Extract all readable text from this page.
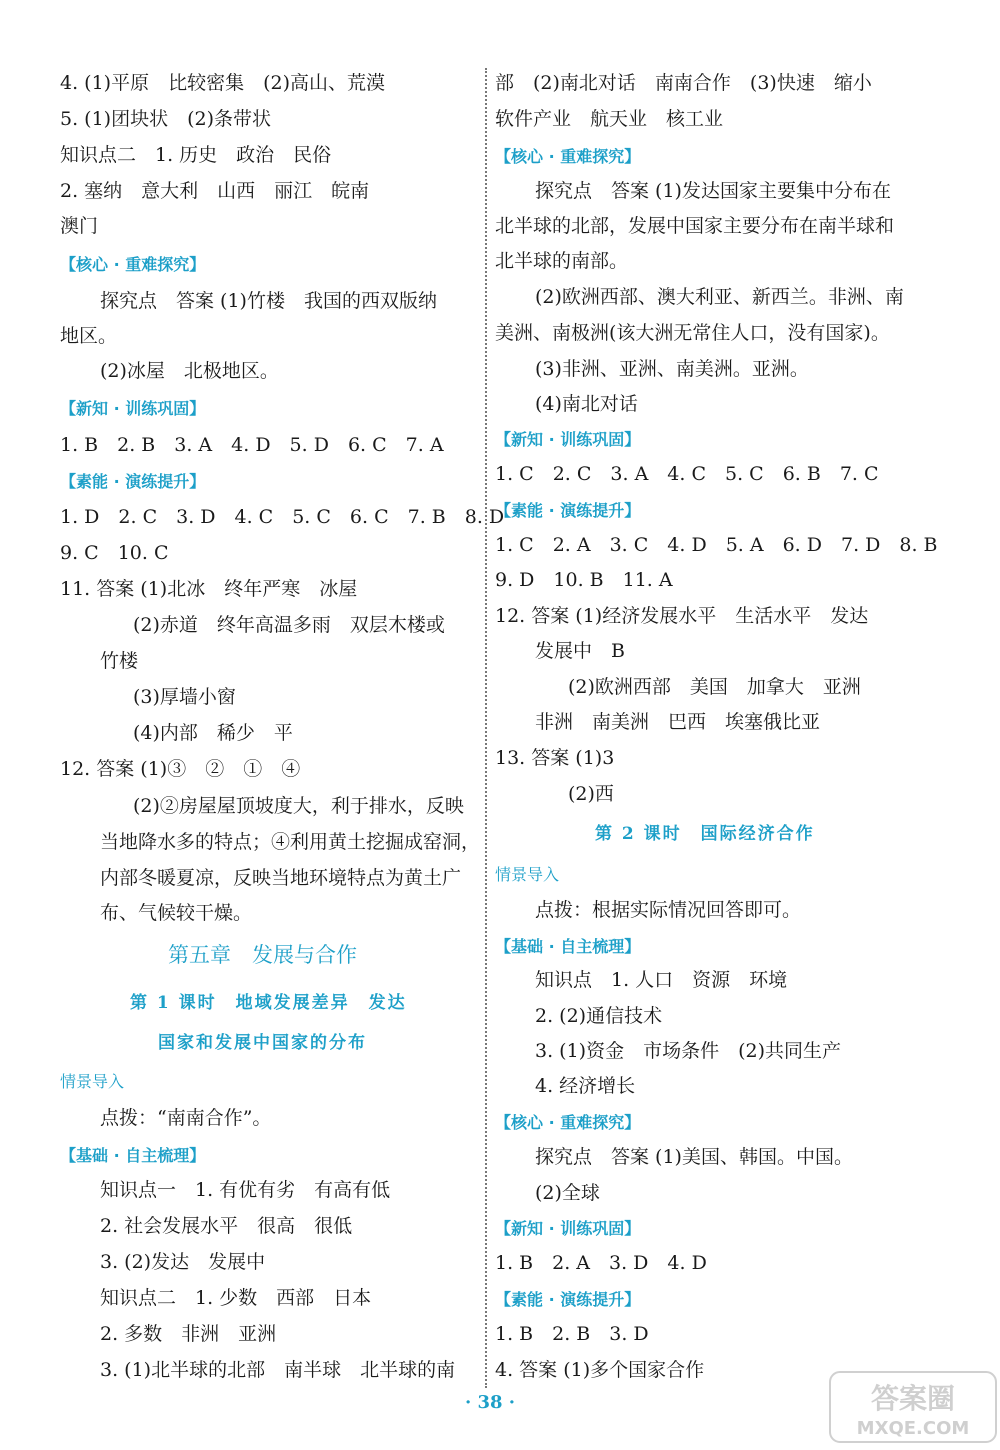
4. (1)平原　比较密集　(2)高山、荒漠
5. (1)团块状　(2)条带状
知识点二　1. 历史　政治　民俗
2. 塞纳　意大利　山西　丽江　皖南
澳门
【核心 · 重难探究】
探究点　答案 (1)竹楼　我国的西双版纳
地区。
(2)冰屋　北极地区。
【新知 · 训练巩固】
1. B　2. B　3. A　4. D　5. D　6. C　7. A
【素能 · 演练提升】
1. D　2. C　3. D　4. C　5. C　6. C　7. B　8. D
9. C　10. C
11. 答案 (1)北冰　终年严寒　冰屋
(2)赤道　终年高温多雨　双层木楼或
竹楼
(3)厚墙小窗
(4)内部　稀少　平
12. 答案 (1)③　②　①　④
(2)②房屋屋顶坡度大，利于排水，反映
当地降水多的特点；④利用黄土挖掘成窑洞，
内部冬暖夏凉，反映当地环境特点为黄土广
布、气候较干燥。
第五章　发展与合作
第 1 课时　地域发展差异　发达
国家和发展中国家的分布
情景导入
点拨：“南南合作”。
【基础 · 自主梳理】
知识点一　1. 有优有劣　有高有低
2. 社会发展水平　很高　很低
3. (2)发达　发展中
知识点二　1. 少数　西部　日本
2. 多数　非洲　亚洲
3. (1)北半球的北部　南半球　北半球的南
部　(2)南北对话　南南合作　(3)快速　缩小
软件产业　航天业　核工业
【核心 · 重难探究】
探究点　答案 (1)发达国家主要集中分布在
北半球的北部，发展中国家主要分布在南半球和
北半球的南部。
(2)欧洲西部、澳大利亚、新西兰。非洲、南
美洲、南极洲(该大洲无常住人口，没有国家)。
(3)非洲、亚洲、南美洲。亚洲。
(4)南北对话
【新知 · 训练巩固】
1. C　2. C　3. A　4. C　5. C　6. B　7. C
【素能 · 演练提升】
1. C　2. A　3. C　4. D　5. A　6. D　7. D　8. B
9. D　10. B　11. A
12. 答案 (1)经济发展水平　生活水平　发达
发展中　B
(2)欧洲西部　美国　加拿大　亚洲
非洲　南美洲　巴西　埃塞俄比亚
13. 答案 (1)3
(2)西
第 2 课时　国际经济合作
情景导入
点拨：根据实际情况回答即可。
【基础 · 自主梳理】
知识点　1. 人口　资源　环境
2. (2)通信技术
3. (1)资金　市场条件　(2)共同生产
4. 经济增长
【核心 · 重难探究】
探究点　答案 (1)美国、韩国。中国。
(2)全球
【新知 · 训练巩固】
1. B　2. A　3. D　4. D
【素能 · 演练提升】
1. B　2. B　3. D
4. 答案 (1)多个国家合作
· 38 ·	答案圈
MXQE.COM
